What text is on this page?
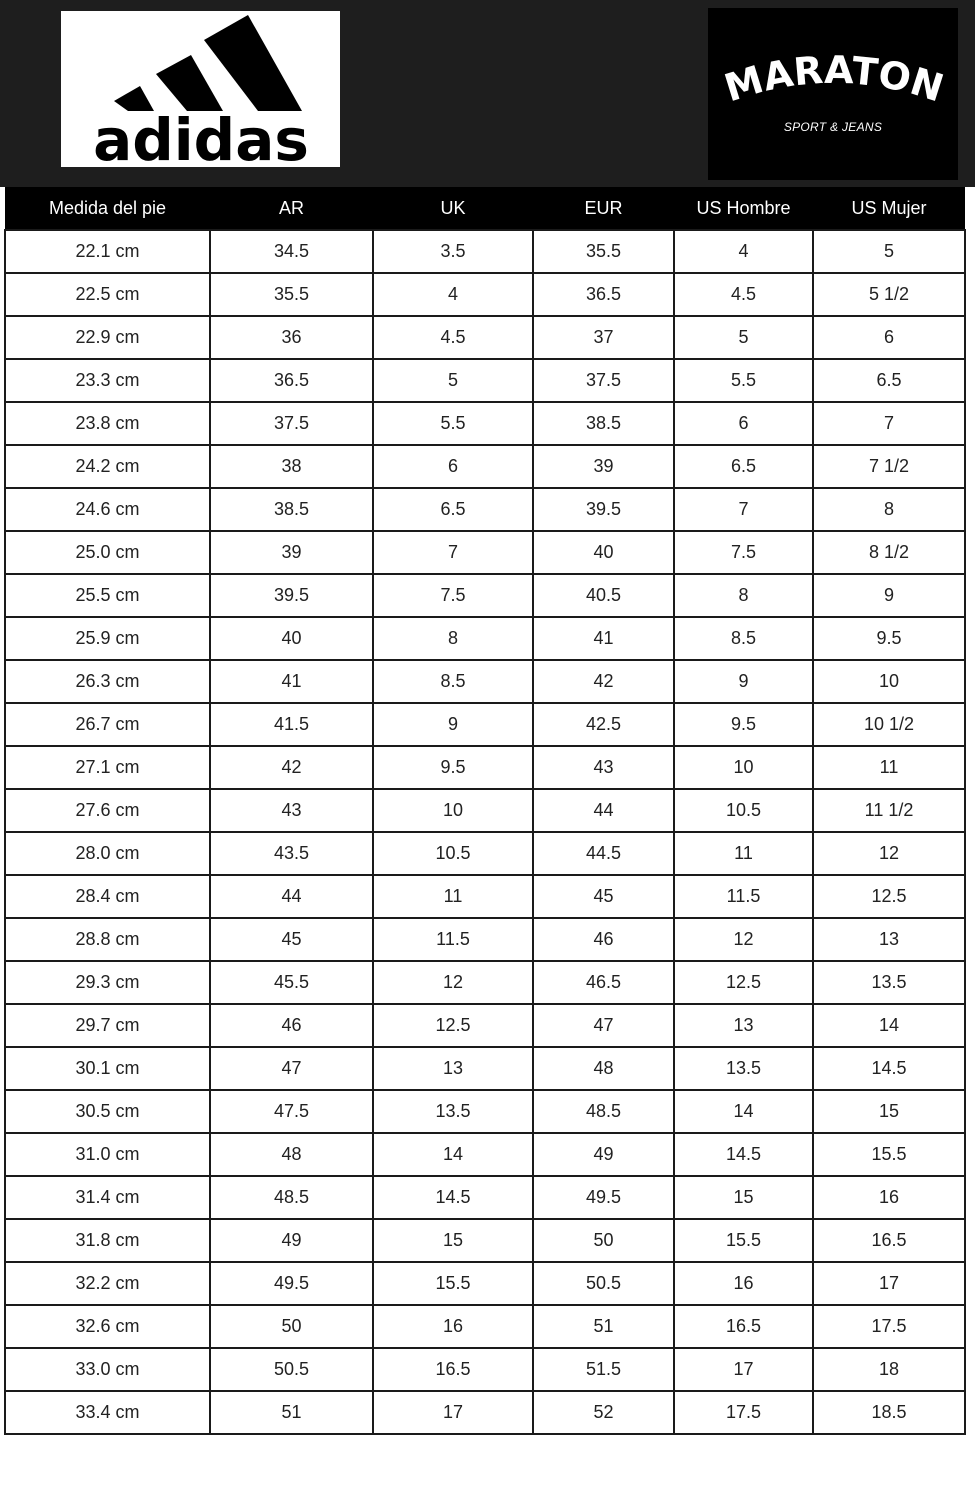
adidas
MARATON
SPORT & JEANS
Medida del pie	AR	UK	EUR	US Hombre	US Mujer
22.1 cm	34.5	3.5	35.5	4	5
22.5 cm	35.5	4	36.5	4.5	5 1/2
22.9 cm	36	4.5	37	5	6
23.3 cm	36.5	5	37.5	5.5	6.5
23.8 cm	37.5	5.5	38.5	6	7
24.2 cm	38	6	39	6.5	7 1/2
24.6 cm	38.5	6.5	39.5	7	8
25.0 cm	39	7	40	7.5	8 1/2
25.5 cm	39.5	7.5	40.5	8	9
25.9 cm	40	8	41	8.5	9.5
26.3 cm	41	8.5	42	9	10
26.7 cm	41.5	9	42.5	9.5	10 1/2
27.1 cm	42	9.5	43	10	11
27.6 cm	43	10	44	10.5	11 1/2
28.0 cm	43.5	10.5	44.5	11	12
28.4 cm	44	11	45	11.5	12.5
28.8 cm	45	11.5	46	12	13
29.3 cm	45.5	12	46.5	12.5	13.5
29.7 cm	46	12.5	47	13	14
30.1 cm	47	13	48	13.5	14.5
30.5 cm	47.5	13.5	48.5	14	15
31.0 cm	48	14	49	14.5	15.5
31.4 cm	48.5	14.5	49.5	15	16
31.8 cm	49	15	50	15.5	16.5
32.2 cm	49.5	15.5	50.5	16	17
32.6 cm	50	16	51	16.5	17.5
33.0 cm	50.5	16.5	51.5	17	18
33.4 cm	51	17	52	17.5	18.5
